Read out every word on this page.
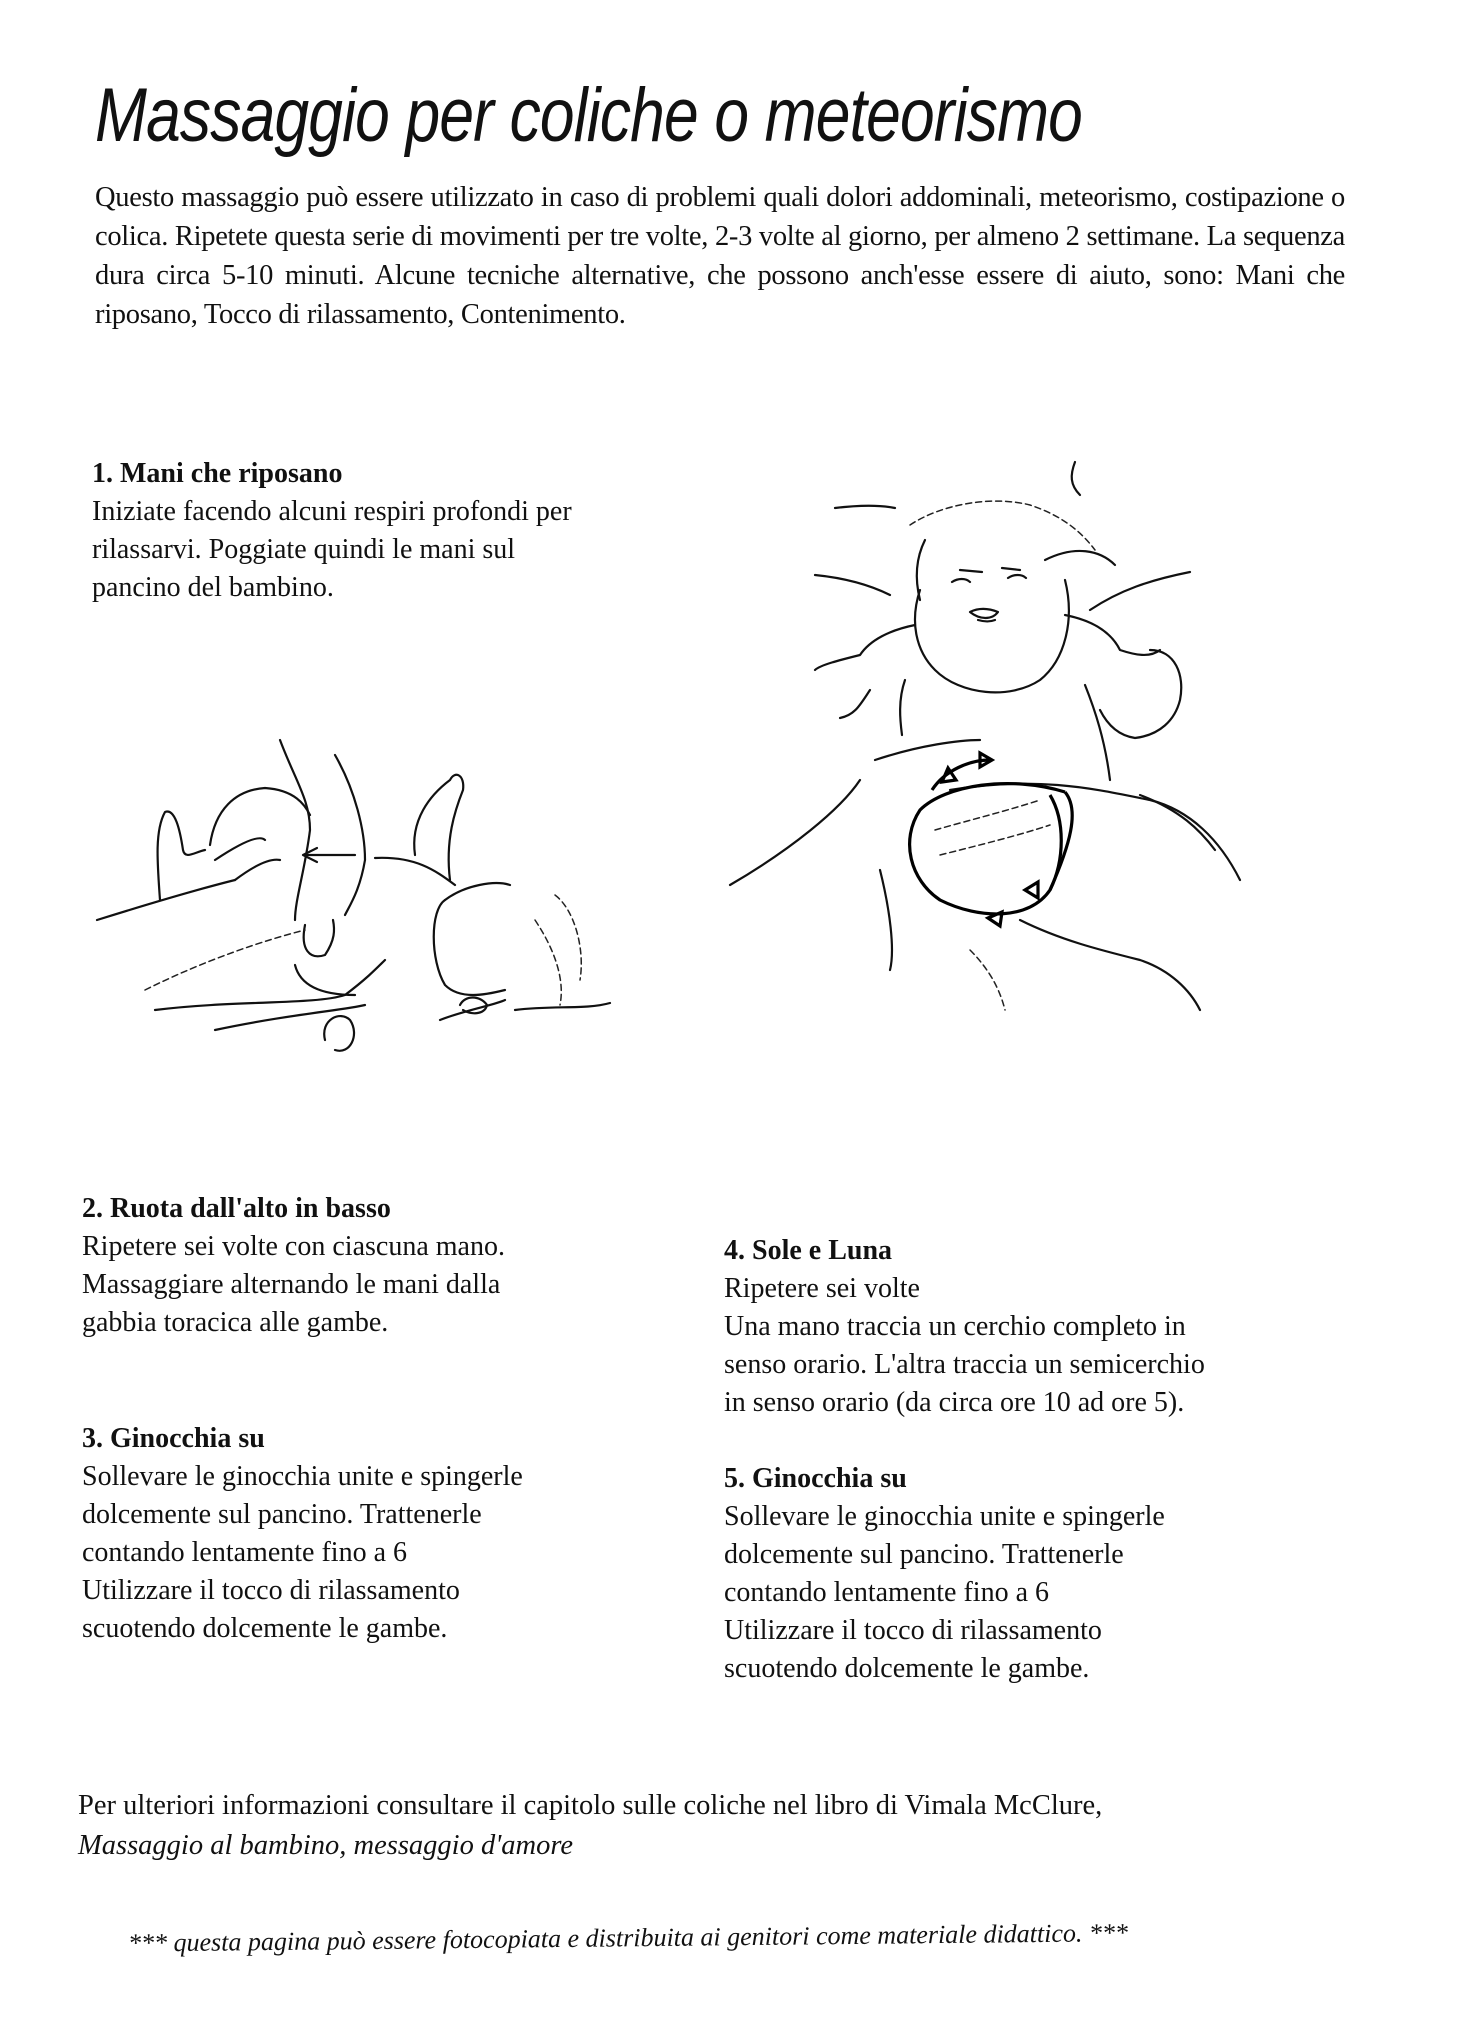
Massaggio per coliche o meteorismo

Questo massaggio può essere utilizzato in caso di problemi quali dolori addominali, meteorismo, costipazione o colica. Ripetete questa serie di movimenti per tre volte, 2-3 volte al giorno, per almeno 2 settimane. La sequenza dura circa 5-10 minuti. Alcune tecniche alternative, che possono anch'esse essere di aiuto, sono: Mani che riposano, Tocco di rilassamento, Contenimento.

1. Mani che riposano
Iniziate facendo alcuni respiri profondi per
rilassarvi. Poggiate quindi le mani sul
pancino del bambino.
2. Ruota dall'alto in basso
Ripetere sei volte con ciascuna mano.
Massaggiare alternando le mani dalla
gabbia toracica alle gambe.
3. Ginocchia su
Sollevare le ginocchia unite e spingerle
dolcemente sul pancino. Trattenerle
contando lentamente fino a 6
Utilizzare il tocco di rilassamento
scuotendo dolcemente le gambe.
4. Sole e Luna
Ripetere sei volte
Una mano traccia un cerchio completo in
senso orario. L'altra traccia un semicerchio
in senso orario (da circa ore 10 ad ore 5).
5. Ginocchia su
Sollevare le ginocchia unite e spingerle
dolcemente sul pancino. Trattenerle
contando lentamente fino a 6
Utilizzare il tocco di rilassamento
scuotendo dolcemente le gambe.
Per ulteriori informazioni consultare il capitolo sulle coliche nel libro di Vimala McClure,
Massaggio al bambino, messaggio d'amore
*** questa pagina può essere fotocopiata e distribuita ai genitori come materiale didattico. ***
